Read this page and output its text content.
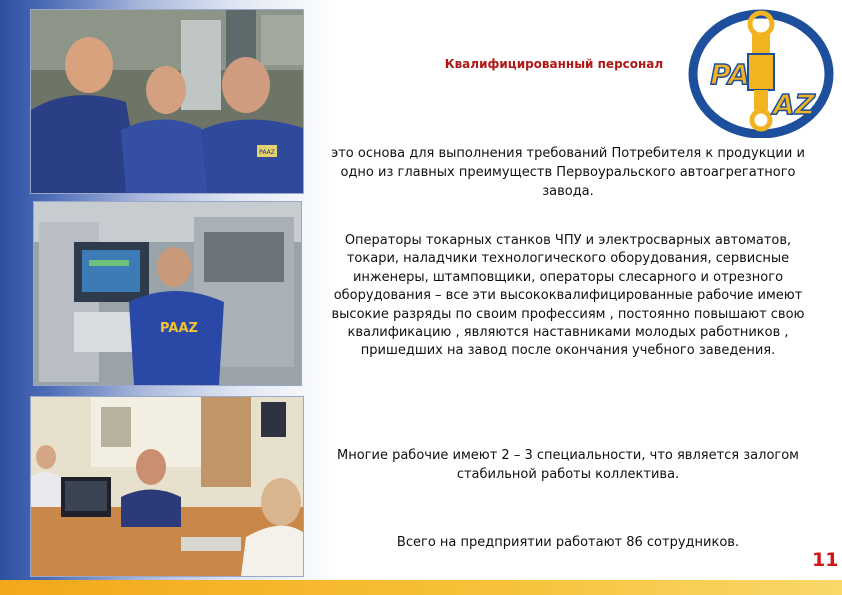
PAAZ
PAAZ
Квалифицированный персонал	PA
AZ

это основа для выполнения требований Потребителя к продукции и одно из главных преимуществ Первоуральского автоагрегатного завода.

Операторы токарных станков ЧПУ и электросварных автоматов, токари, наладчики технологического оборудования, сервисные инженеры, штамповщики, операторы слесарного и отрезного оборудования – все эти высококвалифицированные рабочие имеют высокие разряды по своим профессиям , постоянно повышают свою квалификацию , являются наставниками молодых работников , пришедших на завод после окончания учебного заведения.

Многие рабочие имеют 2 – 3 специальности, что является залогом стабильной работы коллектива.

Всего на предприятии работают 86 сотрудников.

11
